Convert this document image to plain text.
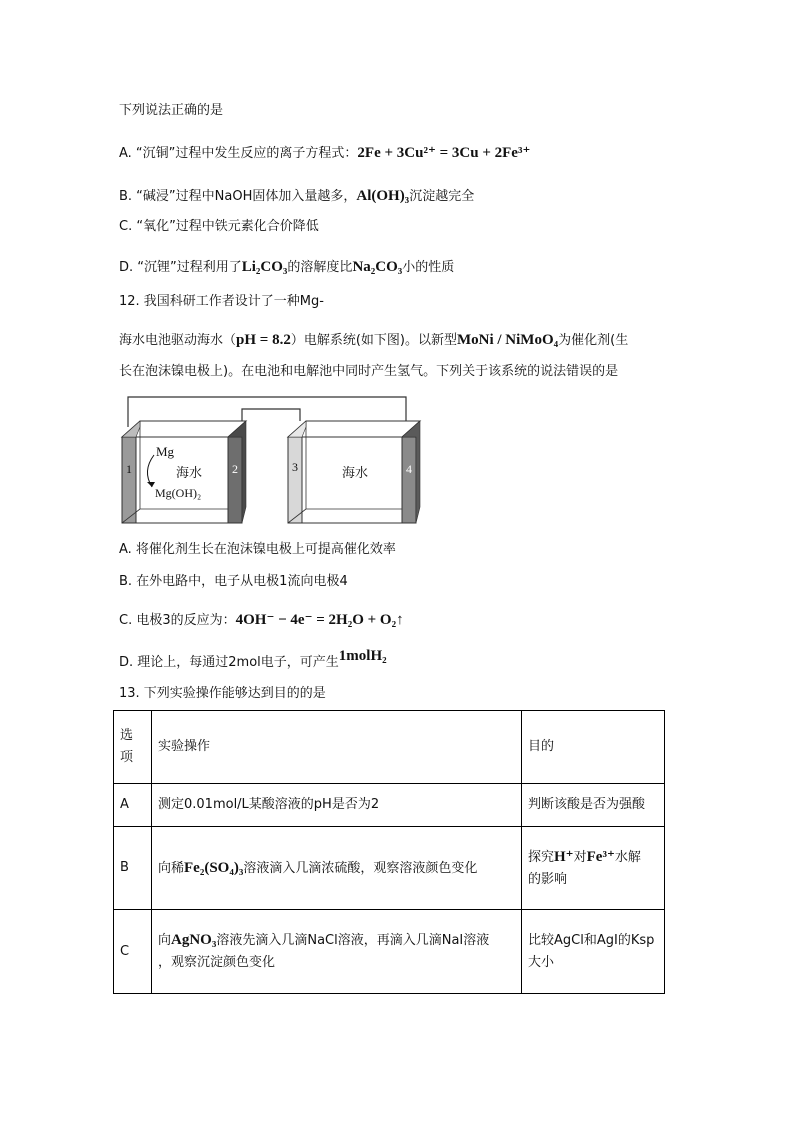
下列说法正确的是
A. “沉铜”过程中发生反应的离子方程式：2Fe + 3Cu²⁺ = 3Cu + 2Fe³⁺
B. “碱浸”过程中NaOH固体加入量越多，Al(OH)₃沉淀越完全
C. “氧化”过程中铁元素化合价降低
D. “沉锂”过程利用了Li₂CO₃的溶解度比Na₂CO₃小的性质
12. 我国科研工作者设计了一种Mg-
海水电池驱动海水（pH = 8.2）电解系统(如下图)。以新型MoNi / NiMoO₄为催化剂(生
长在泡沫镍电极上)。在电池和电解池中同时产生氢气。下列关于该系统的说法错误的是
1	2	3	4
Mg
Mg(OH)₂
海水	海水
A. 将催化剂生长在泡沫镍电极上可提高催化效率
B. 在外电路中，电子从电极1流向电极4
C. 电极3的反应为：4OH⁻ − 4e⁻ = 2H₂O + O₂↑
D. 理论上，每通过2mol电子，可产生1molH₂
13. 下列实验操作能够达到目的的是
选
项	实验操作	目的
A	测定0.01mol/L某酸溶液的pH是否为2	判断该酸是否为强酸
B	向稀Fe₂(SO₄)₃溶液滴入几滴浓硫酸，观察溶液颜色变化	探究H⁺对Fe³⁺水解
的影响
C	向AgNO₃溶液先滴入几滴NaCl溶液，再滴入几滴NaI溶液
，观察沉淀颜色变化	比较AgCl和AgI的Ksp
大小
